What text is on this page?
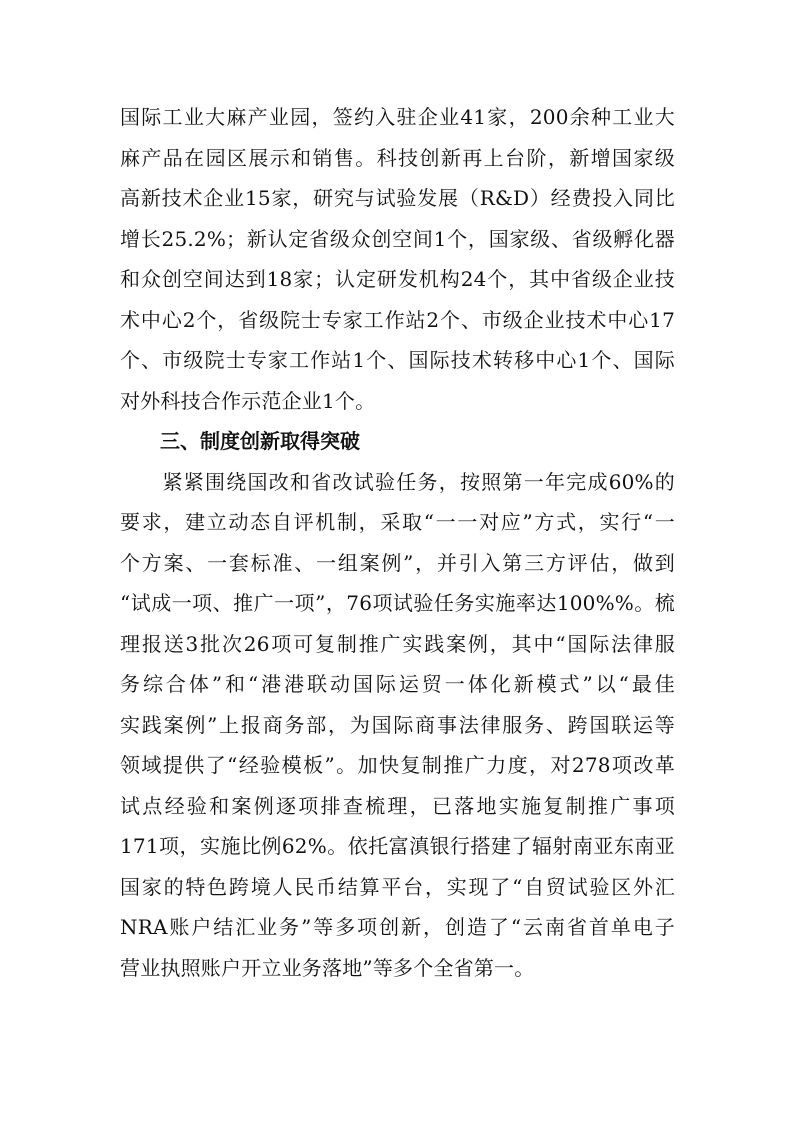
国际工业大麻产业园，签约入驻企业41家，200余种工业大
麻产品在园区展示和销售。科技创新再上台阶，新增国家级
高新技术企业15家，研究与试验发展（R&D）经费投入同比
增长25.2%；新认定省级众创空间1个，国家级、省级孵化器
和众创空间达到18家；认定研发机构24个，其中省级企业技
术中心2个，省级院士专家工作站2个、市级企业技术中心17
个、市级院士专家工作站1个、国际技术转移中心1个、国际
对外科技合作示范企业1个。
三、制度创新取得突破
　　紧紧围绕国改和省改试验任务，按照第一年完成60%的
要求，建立动态自评机制，采取“一一对应”方式，实行“一
个方案、一套标准、一组案例”，并引入第三方评估，做到
“试成一项、推广一项”，76项试验任务实施率达100%%。梳
理报送3批次26项可复制推广实践案例，其中“国际法律服
务综合体”和“港港联动国际运贸一体化新模式”以“最佳
实践案例”上报商务部，为国际商事法律服务、跨国联运等
领域提供了“经验模板”。加快复制推广力度，对278项改革
试点经验和案例逐项排查梳理，已落地实施复制推广事项
171项，实施比例62%。依托富滇银行搭建了辐射南亚东南亚
国家的特色跨境人民币结算平台，实现了“自贸试验区外汇
NRA账户结汇业务”等多项创新，创造了“云南省首单电子
营业执照账户开立业务落地”等多个全省第一。
